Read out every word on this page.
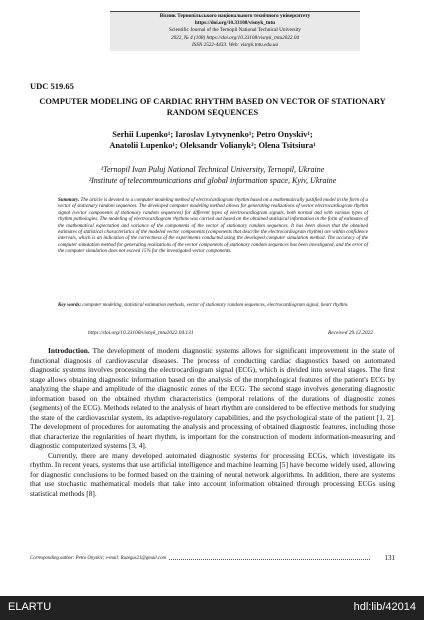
Вісник Тернопільського національного технічного університету
https://doi.org/10.33108/visnyk_tntu
Scientific Journal of the Ternopil National Technical University
2022, № 4 (108) https://doi.org/10.33108/visnyk_tntu2022.04
ISSN 2522-4433. Web: visnyk.tntu.edu.ua
UDC 519.65
COMPUTER MODELING OF CARDIAC RHYTHM BASED ON VECTOR OF STATIONARY RANDOM SEQUENCES
Serhii Lupenko¹; Iaroslav Lytvynenko¹; Petro Onyskiv¹;
Anatolii Lupenko¹; Oleksandr Volianyk²; Olena Tsitsiura¹
¹Ternopil Ivan Puluj National Technical University, Ternopil, Ukraine
²Institute of telecommunications and global information space, Kyiv, Ukraine
Summary. The article is devoted to a computer modeling method of electrocardiogram rhythm based on a mathematically justified model in the form of a vector of stationary random sequences. The developed computer modeling method allows for generating realizations of vector electrocardiogram rhythm signal (vector components of stationary random sequences) for different types of electrocardiogram signals, both normal and with various types of rhythm pathologies. The modeling of electrocardiogram rhythms was carried out based on the obtained statistical information in the form of estimates of the mathematical expectation and variance of the components of the vector of stationary random sequences. It has been shown that the obtained estimates of statistical characteristics of the modeled vector components (components that describe the electrocardiogram rhythm) are within confidence intervals, which is an indication of the correctness of the experiments conducted using the developed computer simulation method. The accuracy of the computer simulation method for generating realizations of the vector components of stationary random sequences has been investigated, and the error of the computer simulation does not exceed 15% for the investigated vector components.
Key words: computer modeling, statistical estimation methods, vector of stationary random sequences, electrocardiogram signal, heart rhythm.
https://doi.org/10.33108/visnyk_tntu2022.04.131	Received 29.12.2022

Introduction. The development of modern diagnostic systems allows for significant improvement in the state of functional diagnosis of cardiovascular diseases. The process of conducting cardiac diagnostics based on automated diagnostic systems involves processing the electrocardiogram signal (ECG), which is divided into several stages. The first stage allows obtaining diagnostic information based on the analysis of the morphological features of the patient's ECG by analyzing the shape and amplitude of the diagnostic zones of the ECG. The second stage involves generating diagnostic information based on the obtained rhythm characteristics (temporal relations of the durations of diagnostic zones (segments) of the ECG). Methods related to the analysis of heart rhythm are considered to be effective methods for studying the state of the cardiovascular system, its adaptive-regulatory capabilities, and the psychological state of the patient [1, 2]. The development of procedures for automating the analysis and processing of obtained diagnostic features, including those that characterize the regularities of heart rhythm, is important for the construction of modern information-measuring and diagnostic computerized systems [3, 4].

Currently, there are many developed automated diagnostic systems for processing ECGs, which investigate its rhythm. In recent years, systems that use artificial intelligence and machine learning [5] have become widely used, allowing for diagnostic conclusions to be formed based on the training of neural network algorithms. In addition, there are systems that use stochastic mathematical models that take into account information obtained through processing ECGs using statistical methods [8].

Corresponding author: Petro Onyskiv; e-mail: Razegus21@gmail.com	131
ELARTU	hdl:lib/42014
